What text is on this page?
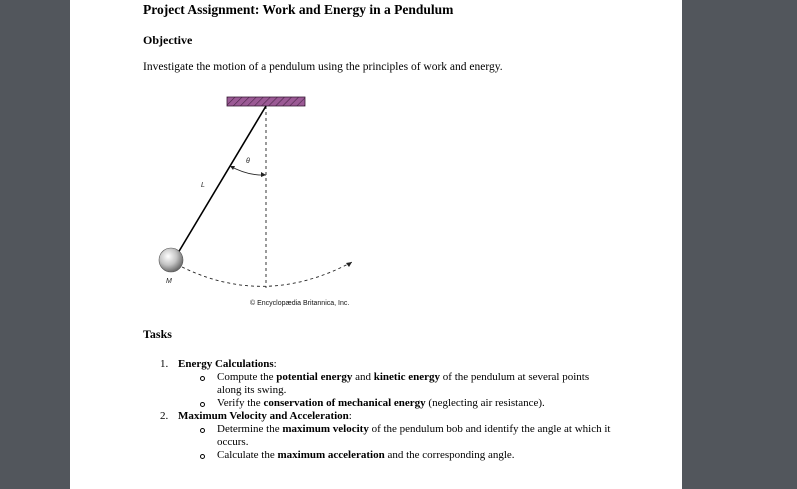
Project Assignment: Work and Energy in a Pendulum
Objective
Investigate the motion of a pendulum using the principles of work and energy.
L
θ
M
© Encyclopædia Britannica, Inc.
Tasks
1. Energy Calculations:
Compute the potential energy and kinetic energy of the pendulum at several points along its swing.
Verify the conservation of mechanical energy (neglecting air resistance).
2. Maximum Velocity and Acceleration:
Determine the maximum velocity of the pendulum bob and identify the angle at which it occurs.
Calculate the maximum acceleration and the corresponding angle.
